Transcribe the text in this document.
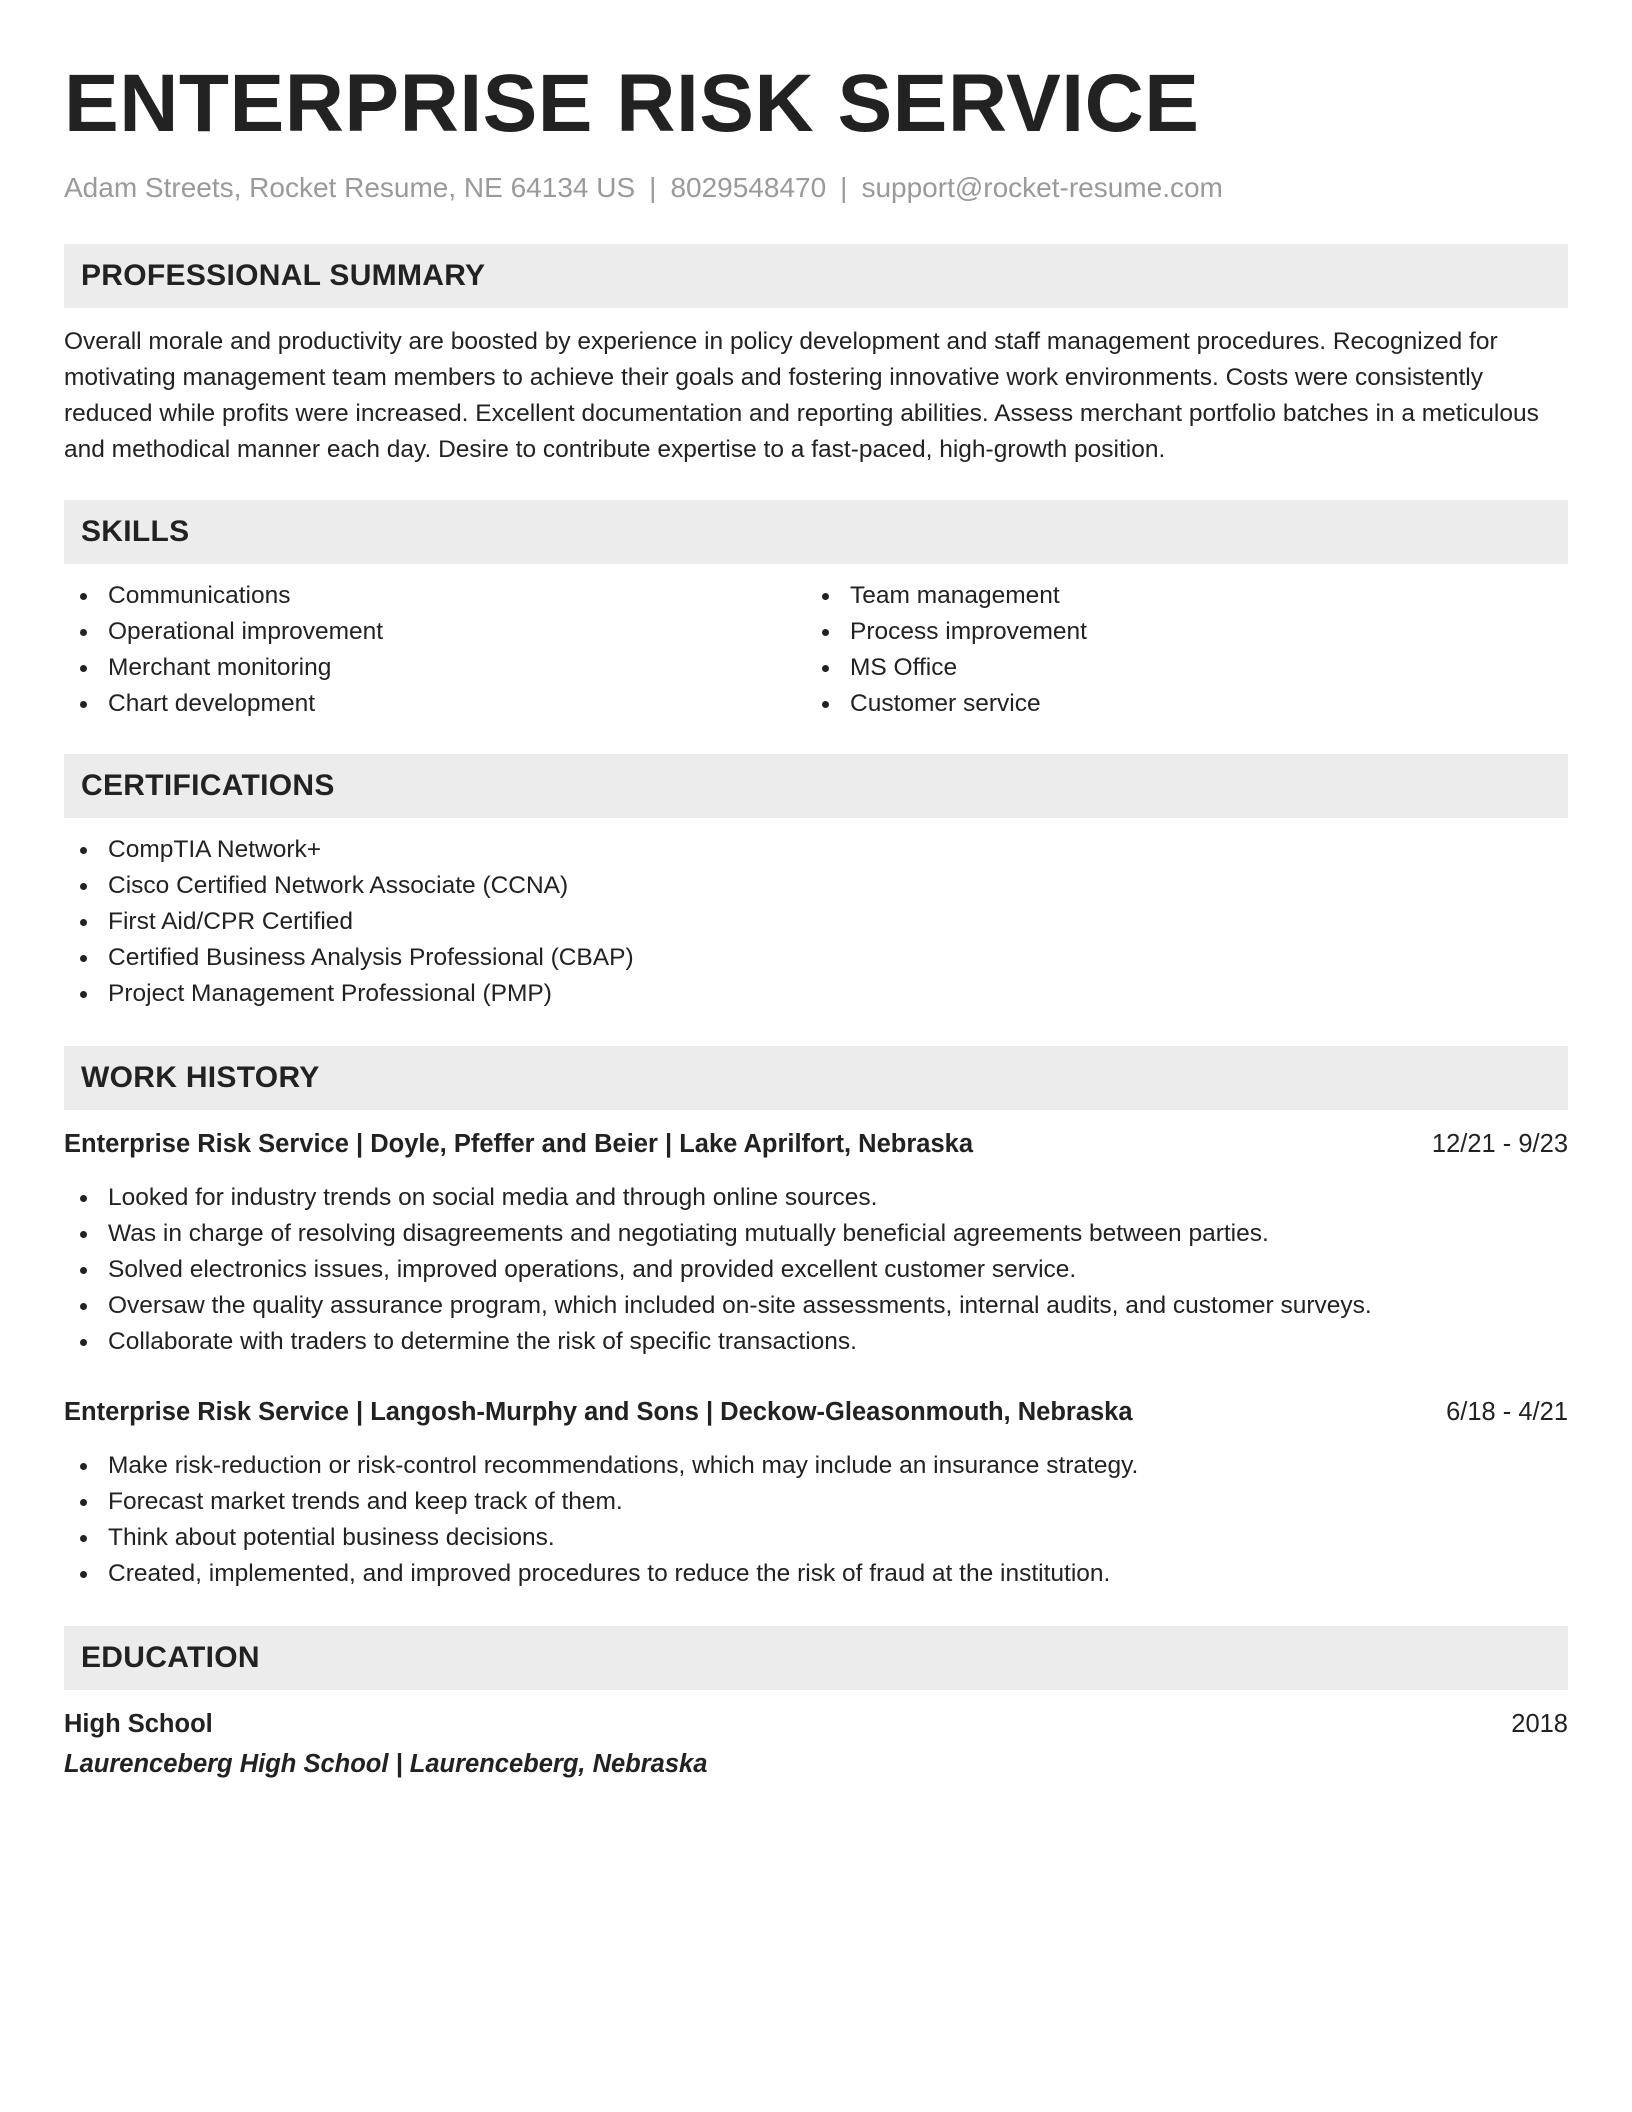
ENTERPRISE RISK SERVICE
Adam Streets, Rocket Resume, NE 64134 US | 8029548470 | support@rocket-resume.com
PROFESSIONAL SUMMARY

Overall morale and productivity are boosted by experience in policy development and staff management procedures. Recognized for motivating management team members to achieve their goals and fostering innovative work environments. Costs were consistently reduced while profits were increased. Excellent documentation and reporting abilities. Assess merchant portfolio batches in a meticulous and methodical manner each day. Desire to contribute expertise to a fast-paced, high-growth position.

SKILLS
Communications
Operational improvement
Merchant monitoring
Chart development
Team management
Process improvement
MS Office
Customer service
CERTIFICATIONS
CompTIA Network+
Cisco Certified Network Associate (CCNA)
First Aid/CPR Certified
Certified Business Analysis Professional (CBAP)
Project Management Professional (PMP)
WORK HISTORY
Enterprise Risk Service | Doyle, Pfeffer and Beier | Lake Aprilfort, Nebraska	12/21 - 9/23
Looked for industry trends on social media and through online sources.
Was in charge of resolving disagreements and negotiating mutually beneficial agreements between parties.
Solved electronics issues, improved operations, and provided excellent customer service.
Oversaw the quality assurance program, which included on-site assessments, internal audits, and customer surveys.
Collaborate with traders to determine the risk of specific transactions.
Enterprise Risk Service | Langosh-Murphy and Sons | Deckow-Gleasonmouth, Nebraska	6/18 - 4/21
Make risk-reduction or risk-control recommendations, which may include an insurance strategy.
Forecast market trends and keep track of them.
Think about potential business decisions.
Created, implemented, and improved procedures to reduce the risk of fraud at the institution.
EDUCATION
High School	2018
Laurenceberg High School | Laurenceberg, Nebraska
